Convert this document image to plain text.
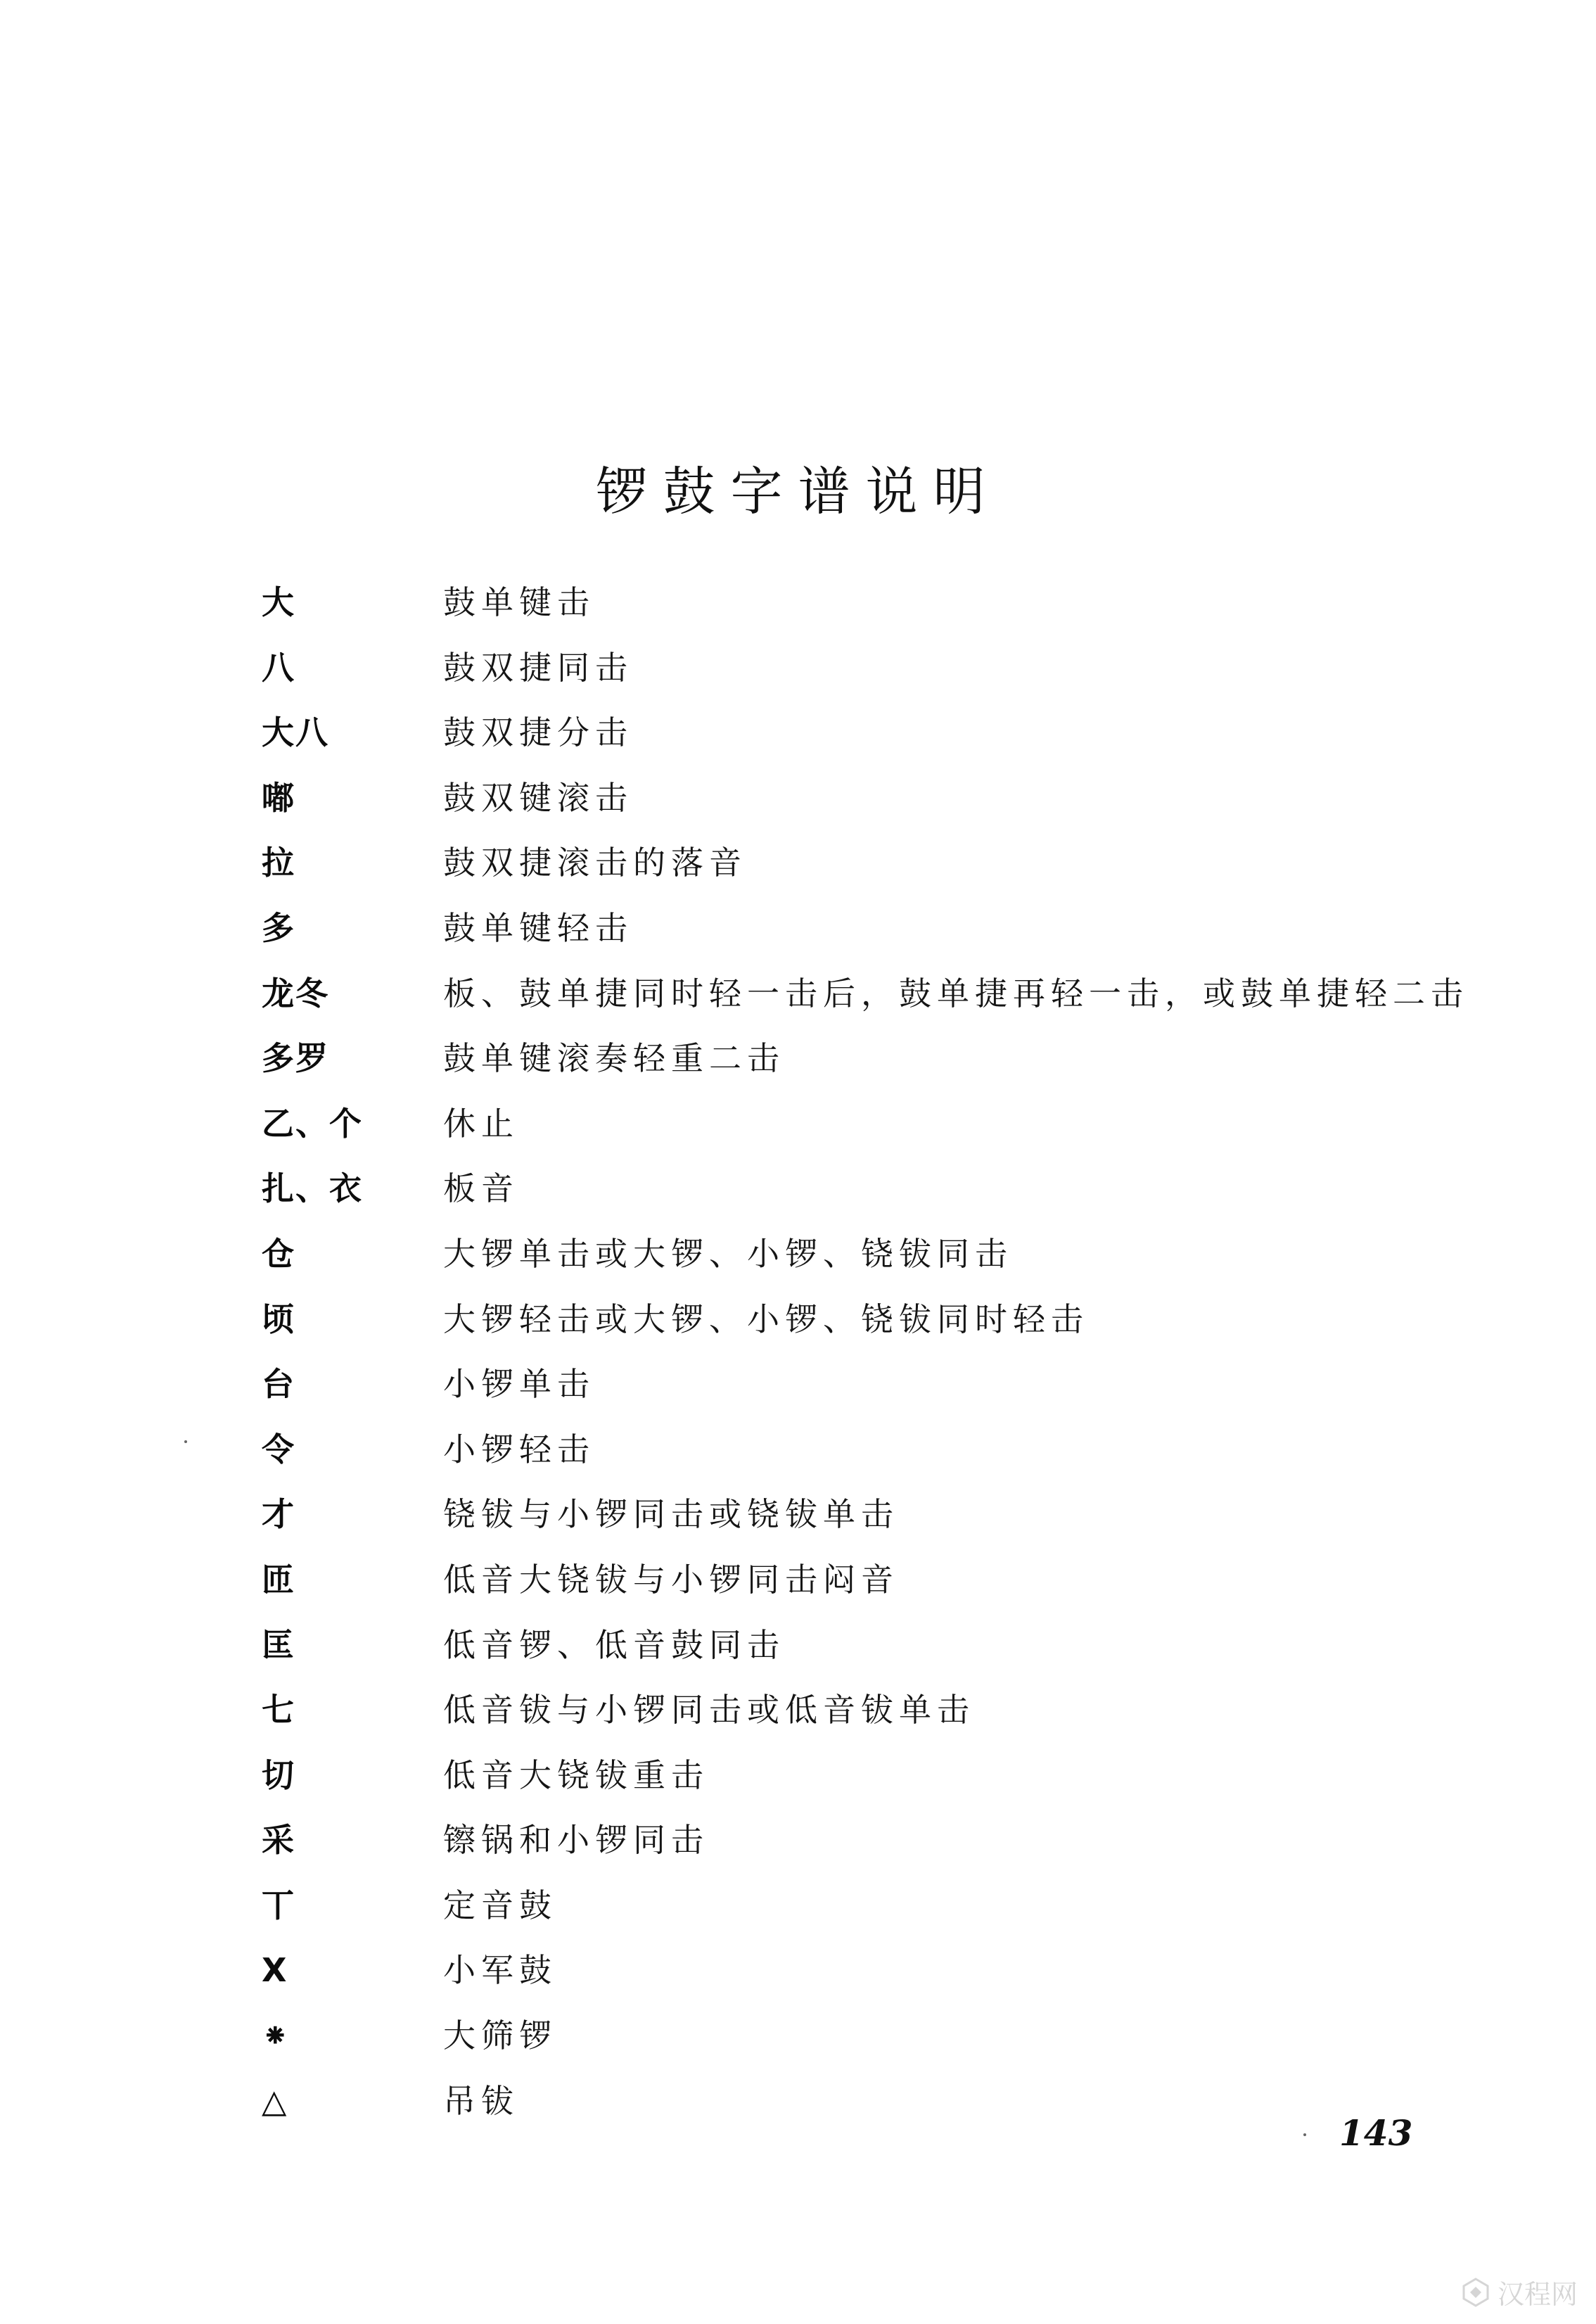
锣鼓字谱说明
大	鼓单键击
八	鼓双捷同击
大八	鼓双捷分击
嘟	鼓双键滚击
拉	鼓双捷滚击的落音
多	鼓单键轻击
龙冬	板、鼓单捷同时轻一击后，鼓单捷再轻一击，或鼓单捷轻二击
多罗	鼓单键滚奏轻重二击
乙、个	休止
扎、衣	板音
仓	大锣单击或大锣、小锣、铙钹同击
顷	大锣轻击或大锣、小锣、铙钹同时轻击
台	小锣单击
令	小锣轻击
才	铙钹与小锣同击或铙钹单击
匝	低音大铙钹与小锣同击闷音
匡	低音锣、低音鼓同击
七	低音钹与小锣同击或低音钹单击
切	低音大铙钹重击
采	镲锅和小锣同击
丅	定音鼓
X	小军鼓
⁕	大筛锣
△	吊钹
143
汉程网
